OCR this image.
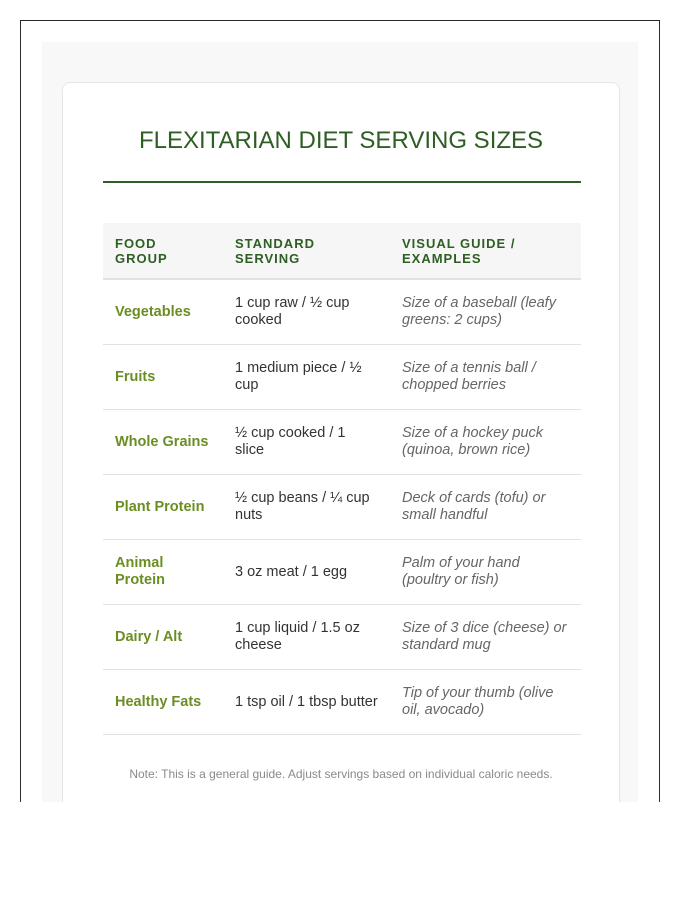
FLEXITARIAN DIET SERVING SIZES
FOOD GROUP	STANDARD SERVING	VISUAL GUIDE / EXAMPLES
Vegetables	1 cup raw / ½ cup cooked	Size of a baseball (leafy greens: 2 cups)
Fruits	1 medium piece / ½ cup	Size of a tennis ball / chopped berries
Whole Grains	½ cup cooked / 1 slice	Size of a hockey puck (quinoa, brown rice)
Plant Protein	½ cup beans / ¼ cup nuts	Deck of cards (tofu) or small handful
Animal Protein	3 oz meat / 1 egg	Palm of your hand (poultry or fish)
Dairy / Alt	1 cup liquid / 1.5 oz cheese	Size of 3 dice (cheese) or standard mug
Healthy Fats	1 tsp oil / 1 tbsp butter	Tip of your thumb (olive oil, avocado)
Note: This is a general guide. Adjust servings based on individual caloric needs.
